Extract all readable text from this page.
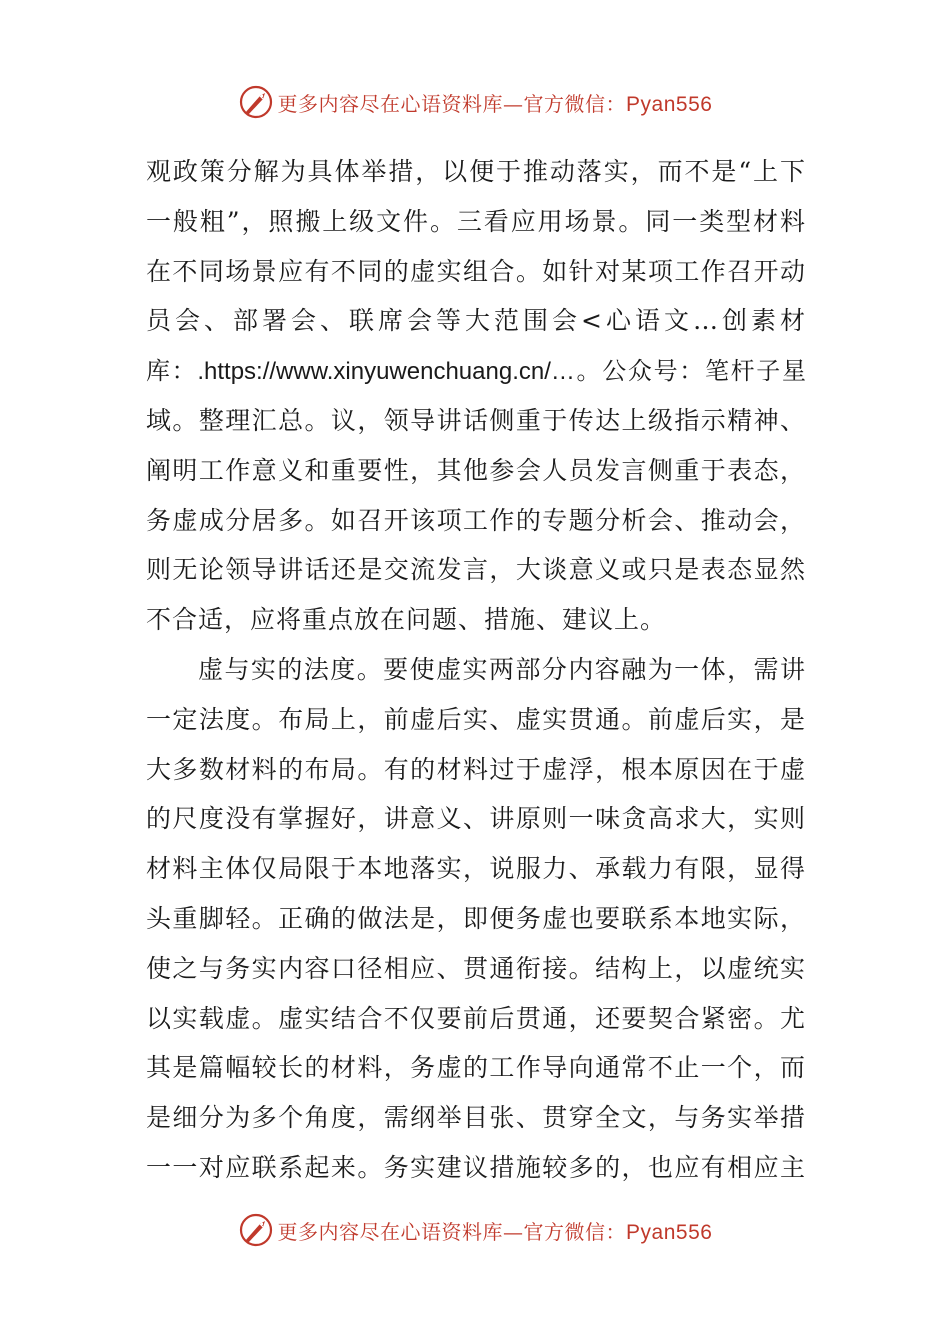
更多内容尽在心语资料库—官方微信：Pyan556
观政策分解为具体举措，以便于推动落实，而不是“上下
一般粗”，照搬上级文件。三看应用场景。同一类型材料
在不同场景应有不同的虚实组合。如针对某项工作召开动
员会、部署会、联席会等大范围会<心语文…创素材
库：.https://www.xinyuwenchuang.cn/…。公众号：笔杆子星
域。整理汇总。议，领导讲话侧重于传达上级指示精神、
阐明工作意义和重要性，其他参会人员发言侧重于表态，
务虚成分居多。如召开该项工作的专题分析会、推动会，
则无论领导讲话还是交流发言，大谈意义或只是表态显然
不合适，应将重点放在问题、措施、建议上。
虚与实的法度。要使虚实两部分内容融为一体，需讲
一定法度。布局上，前虚后实、虚实贯通。前虚后实，是
大多数材料的布局。有的材料过于虚浮，根本原因在于虚
的尺度没有掌握好，讲意义、讲原则一味贪高求大，实则
材料主体仅局限于本地落实，说服力、承载力有限，显得
头重脚轻。正确的做法是，即便务虚也要联系本地实际，
使之与务实内容口径相应、贯通衔接。结构上，以虚统实
以实载虚。虚实结合不仅要前后贯通，还要契合紧密。尤
其是篇幅较长的材料，务虚的工作导向通常不止一个，而
是细分为多个角度，需纲举目张、贯穿全文，与务实举措
一一对应联系起来。务实建议措施较多的，也应有相应主
更多内容尽在心语资料库—官方微信：Pyan556
